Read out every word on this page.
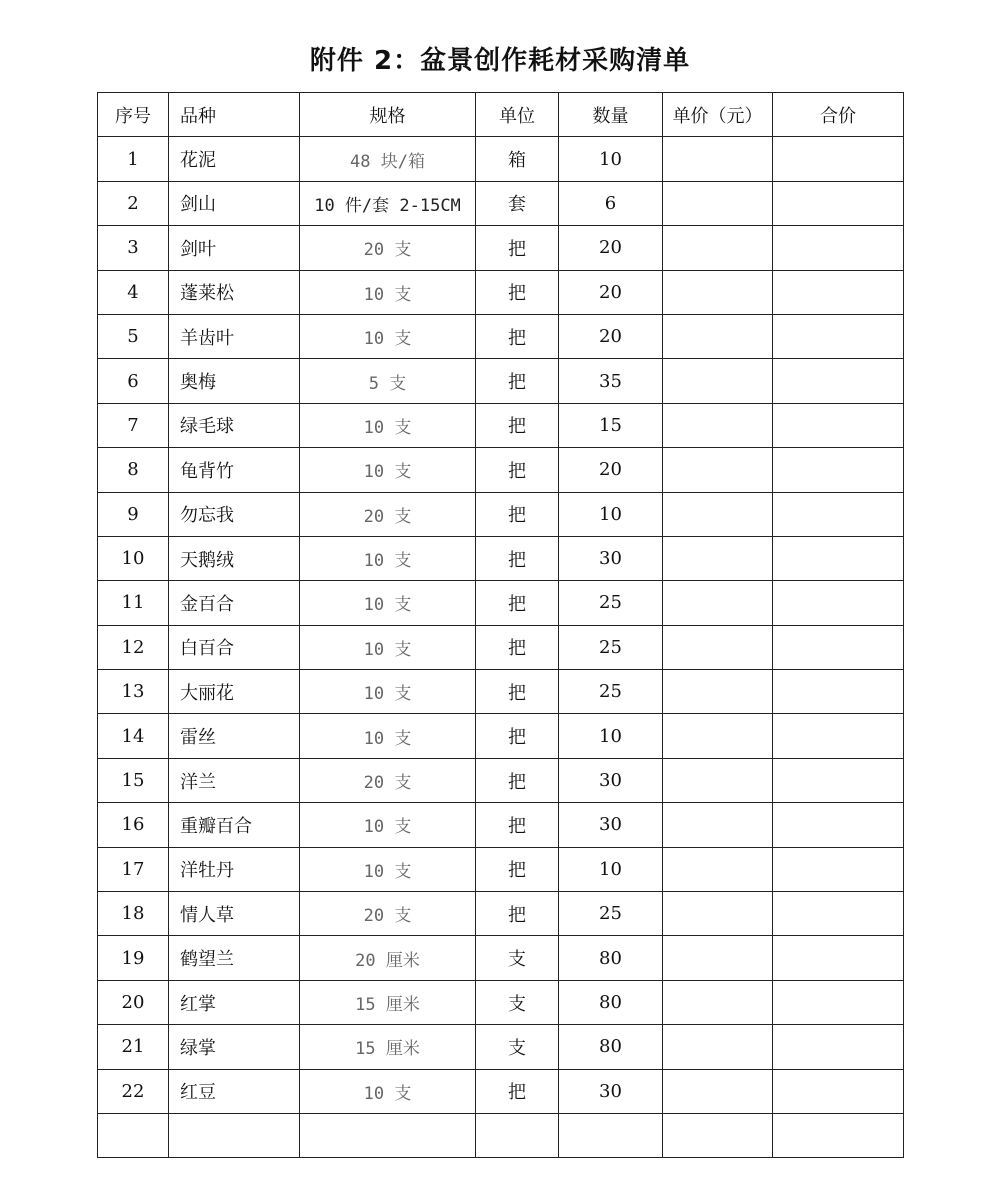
附件 2：盆景创作耗材采购清单
序号	品种	规格	单位	数量	单价（元）	合价
1	花泥	48 块/箱	箱	10		
2	剑山	10 件/套 2-15CM	套	6		
3	剑叶	20 支	把	20		
4	蓬莱松	10 支	把	20		
5	羊齿叶	10 支	把	20		
6	奥梅	5 支	把	35		
7	绿毛球	10 支	把	15		
8	龟背竹	10 支	把	20		
9	勿忘我	20 支	把	10		
10	天鹅绒	10 支	把	30		
11	金百合	10 支	把	25		
12	白百合	10 支	把	25		
13	大丽花	10 支	把	25		
14	雷丝	10 支	把	10		
15	洋兰	20 支	把	30		
16	重瓣百合	10 支	把	30		
17	洋牡丹	10 支	把	10		
18	情人草	20 支	把	25		
19	鹤望兰	20 厘米	支	80		
20	红掌	15 厘米	支	80		
21	绿掌	15 厘米	支	80		
22	红豆	10 支	把	30		
